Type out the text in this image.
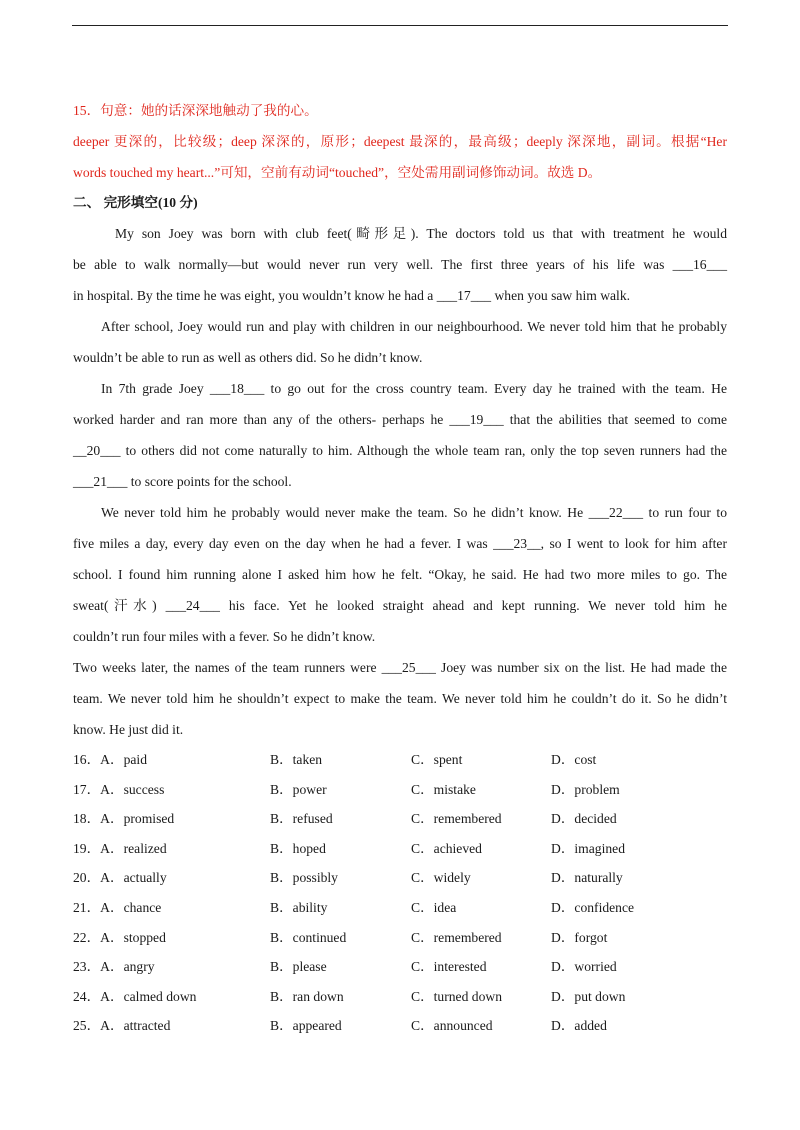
15．句意：她的话深深地触动了我的心。
deeper 更深的，比较级；deep 深深的，原形；deepest 最深的，最高级；deeply 深深地，副词。根据“Her
words touched my heart...”可知，空前有动词“touched”，空处需用副词修饰动词。故选 D。
二、 完形填空(10 分)
My son Joey was born with club feet(畸形足). The doctors told us that with treatment he would
be able to walk normally—but would never run very well. The first three years of his life was ___16___
in hospital. By the time he was eight, you wouldn’t know he had a ___17___ when you saw him walk.
After school, Joey would run and play with children in our neighbourhood. We never told him that he probably
wouldn’t be able to run as well as others did. So he didn’t know.
In 7th grade Joey ___18___ to go out for the cross country team. Every day he trained with the team. He
worked harder and ran more than any of the others- perhaps he ___19___ that the abilities that seemed to come
__20___ to others did not come naturally to him. Although the whole team ran, only the top seven runners had the
___21___ to score points for the school.
We never told him he probably would never make the team. So he didn’t know. He ___22___ to run four to
five miles a day, every day even on the day when he had a fever. I was ___23__, so I went to look for him after
school. I found him running alone I asked him how he felt. “Okay, he said. He had two more miles to go. The
sweat(汗水) ___24___ his face. Yet he looked straight ahead and kept running. We never told him he
couldn’t run four miles with a fever. So he didn’t know.
Two weeks later, the names of the team runners were ___25___ Joey was number six on the list. He had made the
team. We never told him he shouldn’t expect to make the team. We never told him he couldn’t do it. So he didn’t
know. He just did it.
16．A．paid	B．taken	C．spent	D．cost
17．A．success	B．power	C．mistake	D．problem
18．A．promised	B．refused	C．remembered	D．decided
19．A．realized	B．hoped	C．achieved	D．imagined
20．A．actually	B．possibly	C．widely	D．naturally
21．A．chance	B．ability	C．idea	D．confidence
22．A．stopped	B．continued	C．remembered	D．forgot
23．A．angry	B．please	C．interested	D．worried
24．A．calmed down	B．ran down	C．turned down	D．put down
25．A．attracted	B．appeared	C．announced	D．added
